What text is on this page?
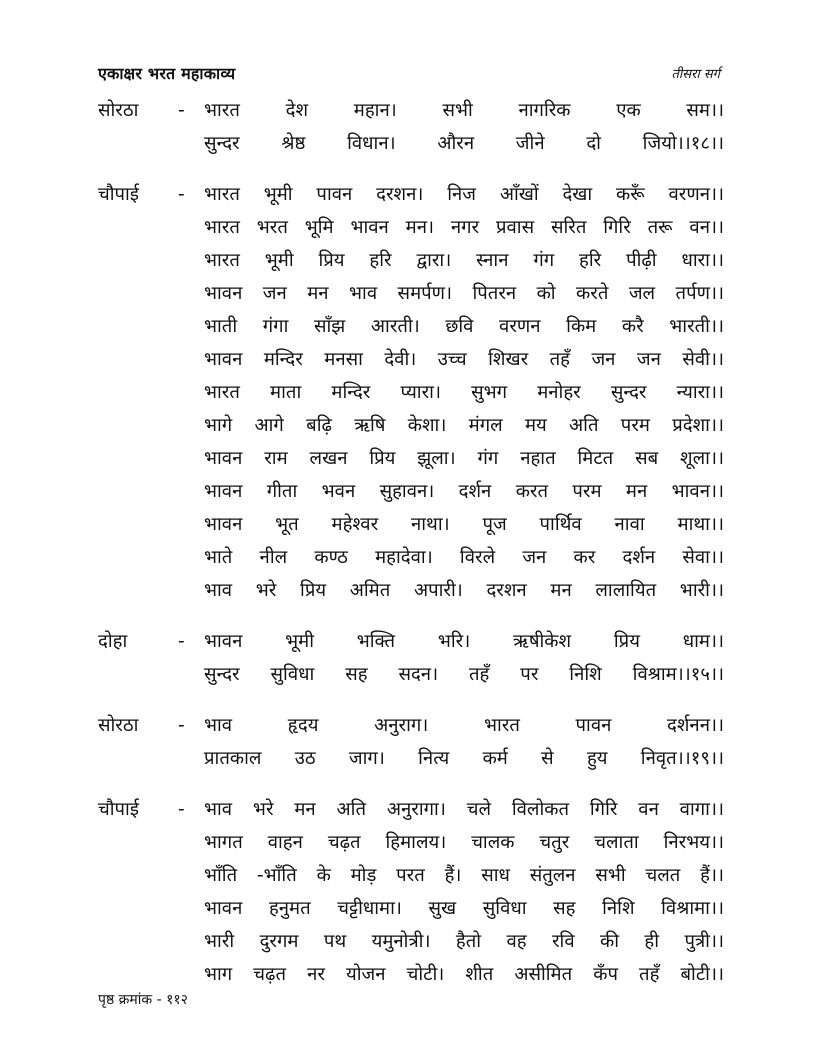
एकाक्षर भरत महाकाव्य	तीसरा सर्ग
सोरठा	-	भारत देश महान। सभी नागरिक एक सम।।
सुन्दर श्रेष्ठ विधान। औरन जीने दो जियो।।१८।।
चौपाई	-	भारत भूमी पावन दरशन। निज आँखों देखा करूँ वरणन।।
भारत भरत भूमि भावन मन। नगर प्रवास सरित गिरि तरू वन।।
भारत भूमी प्रिय हरि द्वारा। स्नान गंग हरि पीढ़ी धारा।।
भावन जन मन भाव समर्पण। पितरन को करते जल तर्पण।।
भाती गंगा साँझ आरती। छवि वरणन किम करै भारती।।
भावन मन्दिर मनसा देवी। उच्च शिखर तहँ जन जन सेवी।।
भारत माता मन्दिर प्यारा। सुभग मनोहर सुन्दर न्यारा।।
भागे आगे बढ़ि ऋषि केशा। मंगल मय अति परम प्रदेशा।।
भावन राम लखन प्रिय झूला। गंग नहात मिटत सब शूला।।
भावन गीता भवन सुहावन। दर्शन करत परम मन भावन।।
भावन भूत महेश्वर नाथा। पूज पार्थिव नावा माथा।।
भाते नील कण्ठ महादेवा। विरले जन कर दर्शन सेवा।।
भाव भरे प्रिय अमित अपारी। दरशन मन लालायित भारी।।
दोहा	-	भावन भूमी भक्ति भरि। ऋषीकेश प्रिय धाम।।
सुन्दर सुविधा सह सदन। तहँ पर निशि विश्राम।।१५।।
सोरठा	-	भाव हृदय अनुराग। भारत पावन दर्शनन।।
प्रातकाल उठ जाग। नित्य कर्म से हुय निवृत।।१९।।
चौपाई	-	भाव भरे मन अति अनुरागा। चले विलोकत गिरि वन वागा।।
भागत वाहन चढ़त हिमालय। चालक चतुर चलाता निरभय।।
भाँति -भाँति के मोड़ परत हैं। साध संतुलन सभी चलत हैं।।
भावन हनुमत चट्टीधामा। सुख सुविधा सह निशि विश्रामा।।
भारी दुरगम पथ यमुनोत्री। हैतो वह रवि की ही पुत्री।।
भाग चढ़त नर योजन चोटी। शीत असीमित कँप तहँ बोटी।।
पृष्ठ क्रमांक - ११२
